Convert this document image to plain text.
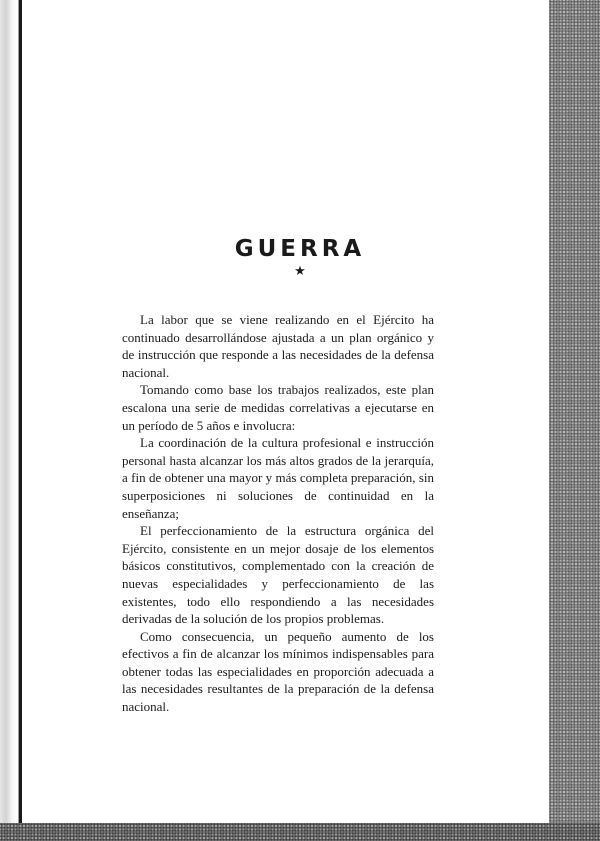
GUERRA
★

La labor que se viene realizando en el Ejército ha continuado desarrollándose ajustada a un plan orgánico y de instrucción que responde a las necesidades de la defensa nacional.

Tomando como base los trabajos realizados, este plan escalona una serie de medidas correlativas a ejecutarse en un período de 5 años e involucra:

La coordinación de la cultura profesional e instrucción personal hasta alcanzar los más altos grados de la jerarquía, a fin de obtener una mayor y más completa preparación, sin superposiciones ni soluciones de continuidad en la enseñanza;

El perfeccionamiento de la estructura orgánica del Ejército, consistente en un mejor dosaje de los elementos básicos constitutivos, complementado con la creación de nuevas especialidades y perfeccionamiento de las existentes, todo ello respondiendo a las necesidades derivadas de la solución de los propios problemas.

Como consecuencia, un pequeño aumento de los efectivos a fin de alcanzar los mínimos indispensables para obtener todas las especialidades en proporción adecuada a las necesidades resultantes de la preparación de la defensa nacional.
